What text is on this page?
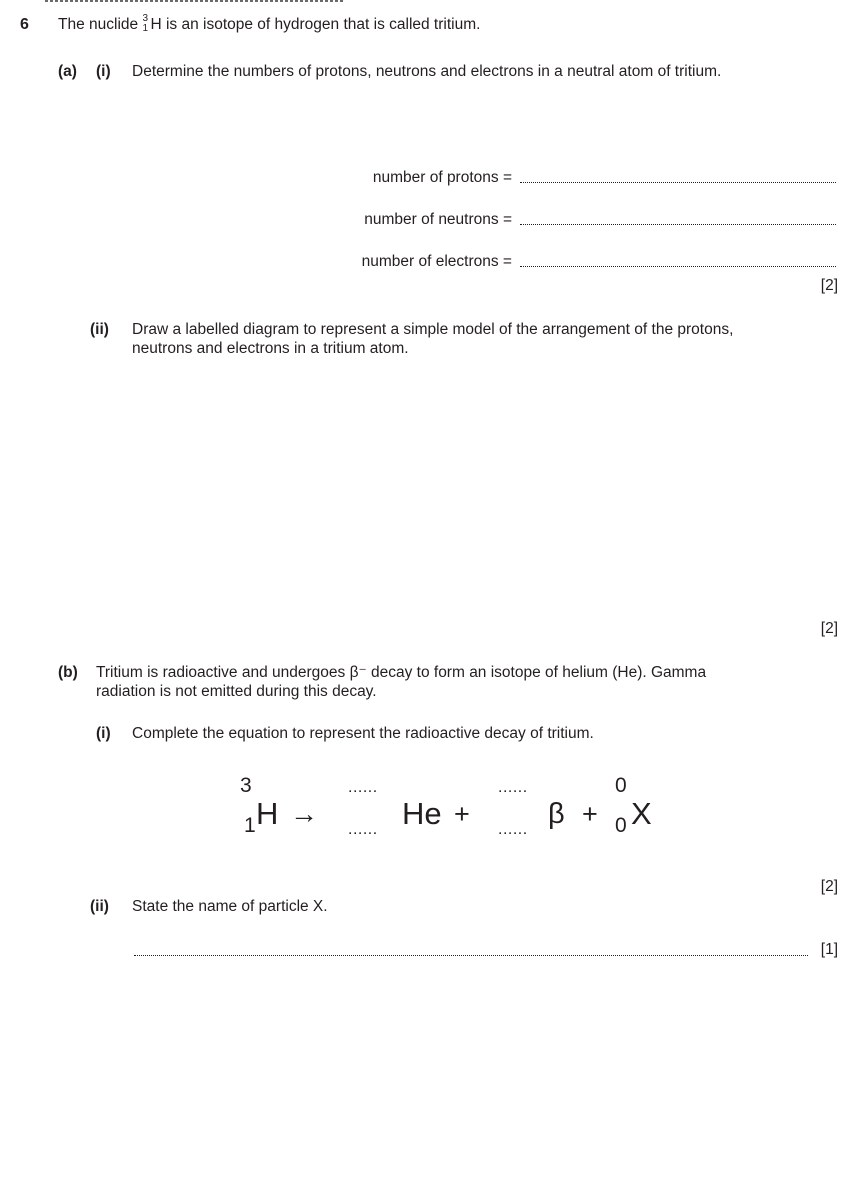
6 The nuclide 3
1 H is an isotope of hydrogen that is called tritium.
(a) (i) Determine the numbers of protons, neutrons and electrons in a neutral atom of tritium.
number of protons =
number of neutrons =
number of electrons =
[2]
(ii) Draw a labelled diagram to represent a simple model of the arrangement of the protons,
neutrons and electrons in a tritium atom.
[2]
(b) Tritium is radioactive and undergoes β⁻ decay to form an isotope of helium (He). Gamma
radiation is not emitted during this decay.
(i) Complete the equation to represent the radioactive decay of tritium.
3
1 H →
......
...... He +
......
...... β +
0
0 X
[2]
(ii) State the name of particle X.
[1]
